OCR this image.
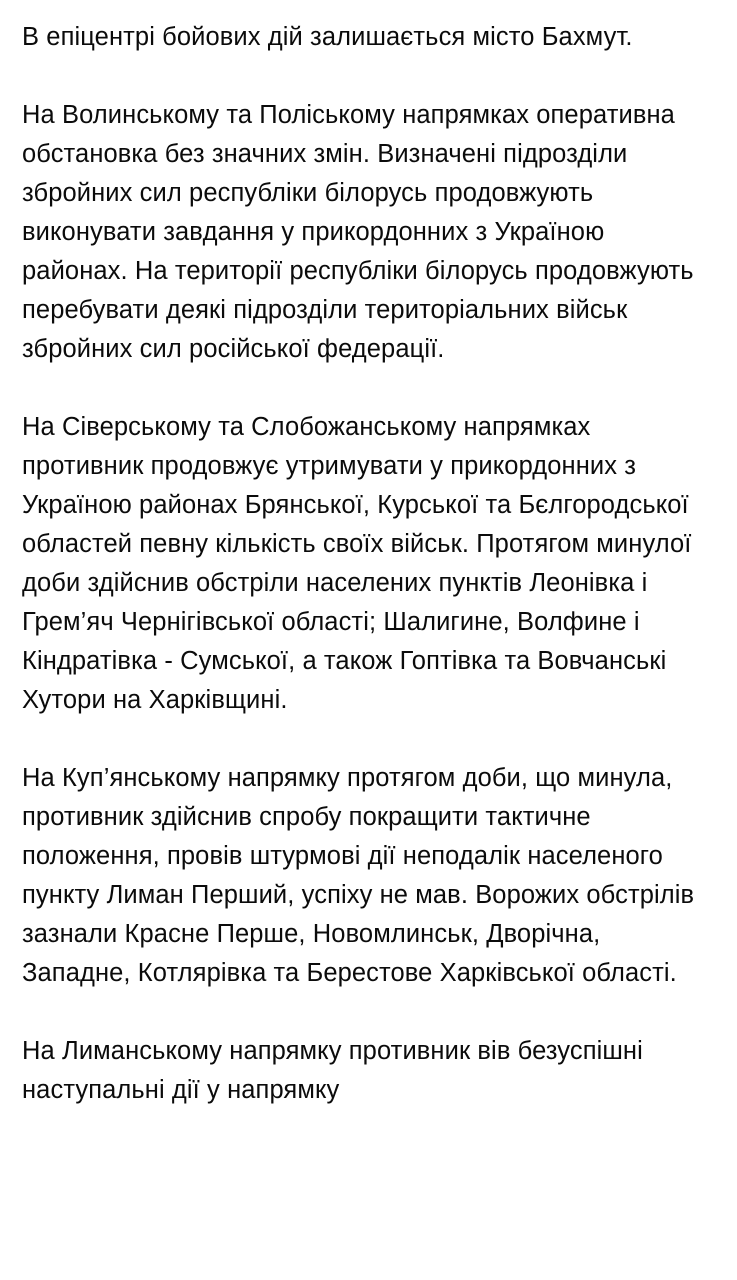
В епіцентрі бойових дій залишається місто Бахмут.

На Волинському та Поліському напрямках оперативна обстановка без значних змін. Визначені підрозділи збройних сил республіки білорусь продовжують виконувати завдання у прикордонних з Україною районах. На території республіки білорусь продовжують перебувати деякі підрозділи територіальних військ збройних сил російської федерації.

На Сіверському та Слобожанському напрямках противник продовжує утримувати у прикордонних з Україною районах Брянської, Курської та Бєлгородської областей певну кількість своїх військ. Протягом минулої доби здійснив обстріли населених пунктів Леонівка і Грем’яч Чернігівської області; Шалигине, Волфине і Кіндратівка - Сумської, а також Гоптівка та Вовчанські Хутори на Харківщині.

На Куп’янському напрямку протягом доби, що минула, противник здійснив спробу покращити тактичне положення, провів штурмові дії неподалік населеного пункту Лиман Перший, успіху не мав. Ворожих обстрілів зазнали Красне Перше, Новомлинськ, Дворічна, Западне, Котлярівка та Берестове Харківської області.

На Лиманському напрямку противник вів безуспішні наступальні дії у напрямку
